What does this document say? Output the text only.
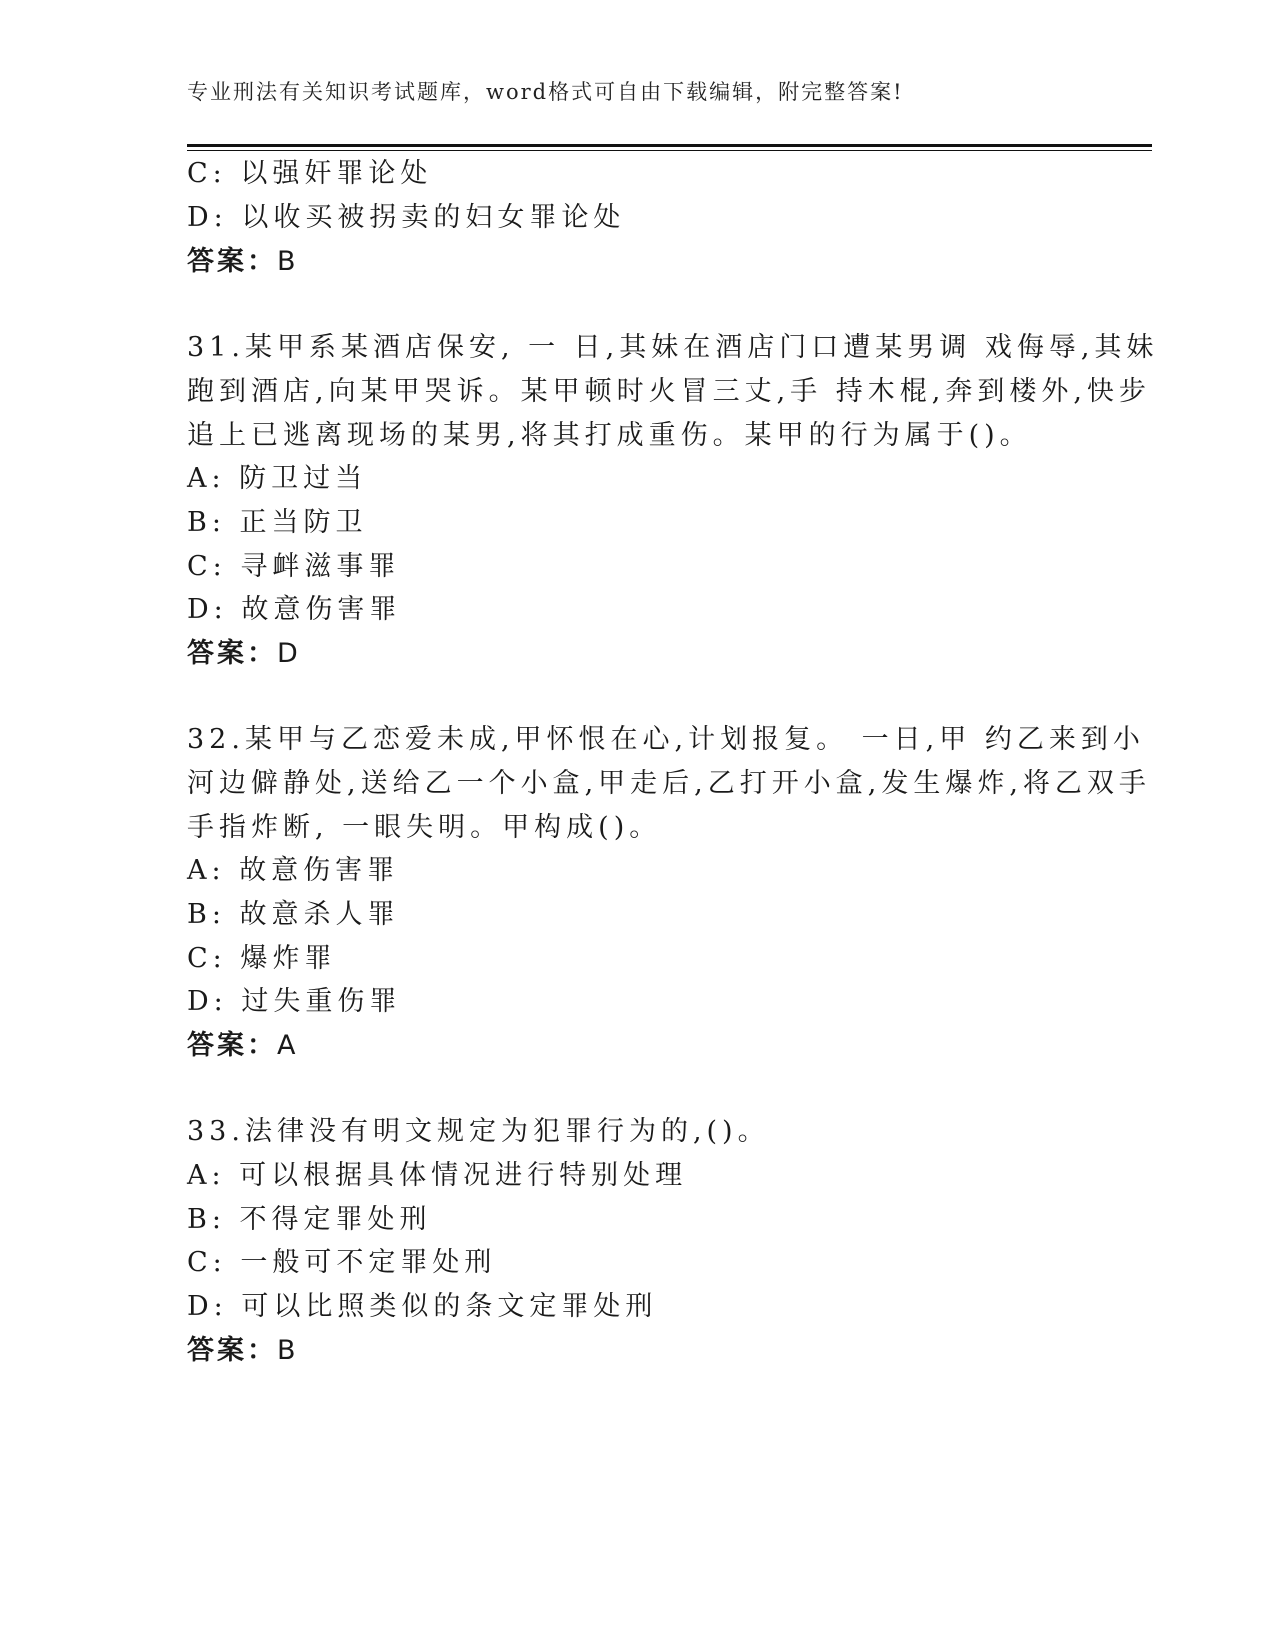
专业刑法有关知识考试题库，word格式可自由下载编辑，附完整答案!
C: 以强奸罪论处
D: 以收买被拐卖的妇女罪论处
答案：B
31.某甲系某酒店保安, 一 日,其妹在酒店门口遭某男调 戏侮辱,其妹
跑到酒店,向某甲哭诉。某甲顿时火冒三丈,手 持木棍,奔到楼外,快步
追上已逃离现场的某男,将其打成重伤。某甲的行为属于()。
A: 防卫过当
B: 正当防卫
C: 寻衅滋事罪
D: 故意伤害罪
答案：D
32.某甲与乙恋爱未成,甲怀恨在心,计划报复。 一日,甲 约乙来到小
河边僻静处,送给乙一个小盒,甲走后,乙打开小盒,发生爆炸,将乙双手
手指炸断, 一眼失明。甲构成()。
A: 故意伤害罪
B: 故意杀人罪
C: 爆炸罪
D: 过失重伤罪
答案：A
33.法律没有明文规定为犯罪行为的,()。
A: 可以根据具体情况进行特别处理
B: 不得定罪处刑
C: 一般可不定罪处刑
D: 可以比照类似的条文定罪处刑
答案：B
